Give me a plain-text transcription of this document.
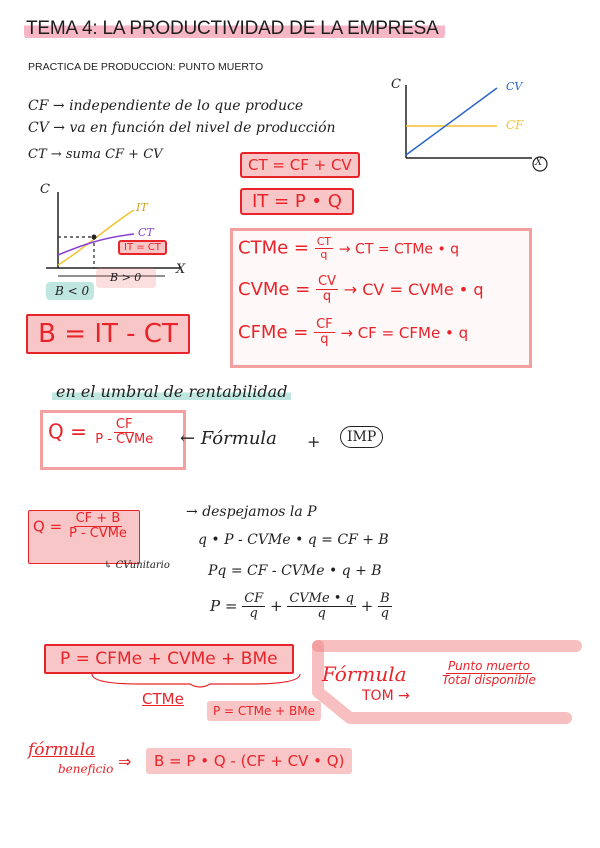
TEMA 4: LA PRODUCTIVIDAD DE LA EMPRESA
PRACTICA DE PRODUCCION: PUNTO MUERTO
CF → independiente de lo que produce
CV → va en función del nivel de producción
CT → suma CF + CV
CT = CF + CV
IT = P • Q
C
X
CV
CF
C
X
IT
CT
IT = CT
B > 0
B < 0
B = IT - CT
CTMe = $\frac{CT}{q}$ → CT = CTMe • q
CVMe = $\frac{CV}{q}$ → CV = CVMe • q
CFMe = $\frac{CF}{q}$ → CF = CFMe • q
en el umbral de rentabilidad
$Q = \frac{CF}{\text{P - CVMe}}$ ← Fórmula +	IMP
$Q = \frac{CF + B}{\text{P - CVMe}}$
↳ CVunitario
→ despejamos la P
q • P - CVMe • q = CF + B
Pq = CF - CVMe • q + B
$P = \frac{CF}{q} + \frac{\text{CVMe • q}}{q} + \frac{B}{q}$
P = CFMe + CVMe + BMe
CTMe
P = CTMe + BMe
Fórmula
TOM →
$\frac{\text{Punto muerto}}{\text{Total disponible}}$
fórmula
beneficio ⇒	B = P • Q - (CF + CV • Q)
